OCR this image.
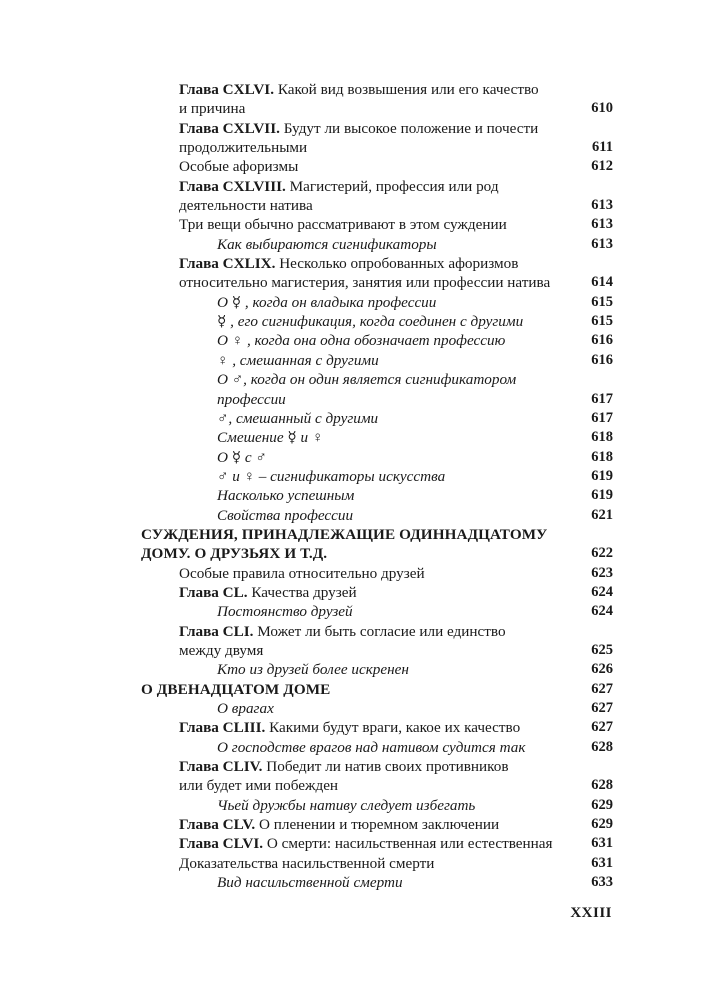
Глава CXLVI. Какой вид возвышения или его качество
и причина	610
Глава CXLVII. Будут ли высокое положение и почести
продолжительными	611
Особые афоризмы	612
Глава CXLVIII. Магистерий, профессия или род
деятельности натива	613
Три вещи обычно рассматривают в этом суждении	613
Как выбираются сигнификаторы	613
Глава CXLIX. Несколько опробованных афоризмов
относительно магистерия, занятия или профессии натива	614
О ☿ , когда он владыка профессии	615
☿ , его сигнификация, когда соединен с другими	615
О ♀ , когда она одна обозначает профессию	616
♀ , смешанная с другими	616
О ♂, когда он один является сигнификатором
профессии	617
♂, смешанный с другими	617
Смешение ☿ и ♀	618
О ☿ с ♂	618
♂ и ♀ – сигнификаторы искусства	619
Насколько успешным	619
Свойства профессии	621
СУЖДЕНИЯ, ПРИНАДЛЕЖАЩИЕ ОДИННАДЦАТОМУ
ДОМУ. О ДРУЗЬЯХ И Т.Д.	622
Особые правила относительно друзей	623
Глава CL. Качества друзей	624
Постоянство друзей	624
Глава CLI. Может ли быть согласие или единство
между двумя	625
Кто из друзей более искренен	626
О ДВЕНАДЦАТОМ ДОМЕ	627
О врагах	627
Глава CLIII. Какими будут враги, какое их качество	627
О господстве врагов над нативом судится так	628
Глава CLIV. Победит ли натив своих противников
или будет ими побежден	628
Чьей дружбы нативу следует избегать	629
Глава CLV. О пленении и тюремном заключении	629
Глава CLVI. О смерти: насильственная или естественная	631
Доказательства насильственной смерти	631
Вид насильственной смерти	633
XXIII
